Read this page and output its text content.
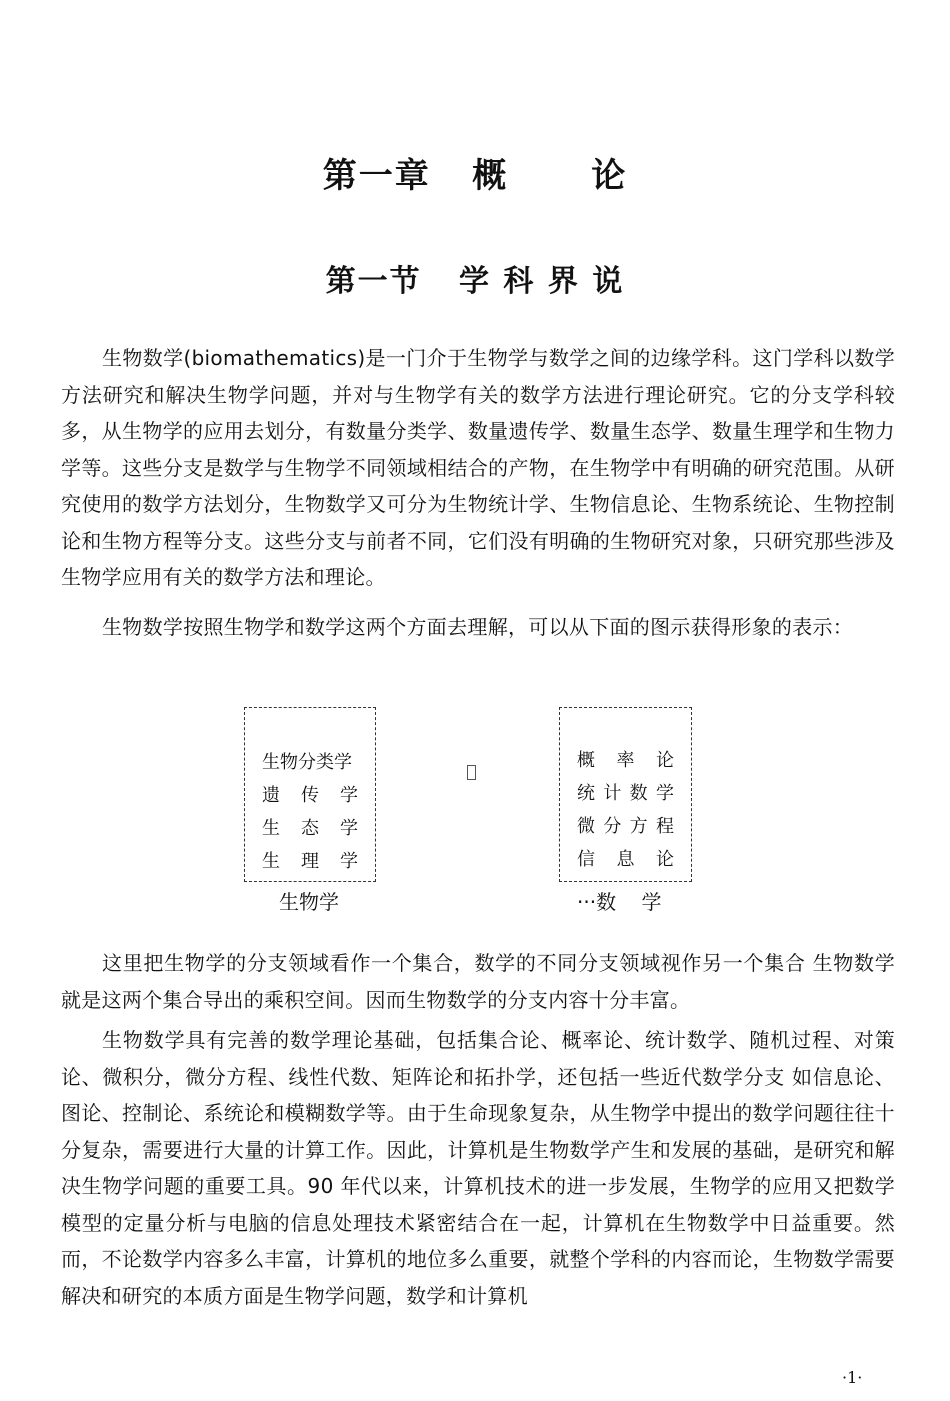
第一章   概      论
第一节   学 科 界 说

生物数学(biomathematics)是一门介于生物学与数学之间的边缘学科。这门学科以数学方法研究和解决生物学问题，并对与生物学有关的数学方法进行理论研究。它的分支学科较多，从生物学的应用去划分，有数量分类学、数量遗传学、数量生态学、数量生理学和生物力学等。这些分支是数学与生物学不同领域相结合的产物，在生物学中有明确的研究范围。从研究使用的数学方法划分，生物数学又可分为生物统计学、生物信息论、生物系统论、生物控制论和生物方程等分支。这些分支与前者不同，它们没有明确的生物研究对象，只研究那些涉及生物学应用有关的数学方法和理论。

生物数学按照生物学和数学这两个方面去理解，可以从下面的图示获得形象的表示：

生物分类学
遗 传 学
生 态 学
生 理 学
概 率 论
统 计 数 学
微 分 方 程
信 息 论
生物学	···数    学

这里把生物学的分支领域看作一个集合，数学的不同分支领域视作另一个集合 生物数学就是这两个集合导出的乘积空间。因而生物数学的分支内容十分丰富。

生物数学具有完善的数学理论基础，包括集合论、概率论、统计数学、随机过程、对策论、微积分，微分方程、线性代数、矩阵论和拓扑学，还包括一些近代数学分支 如信息论、图论、控制论、系统论和模糊数学等。由于生命现象复杂，从生物学中提出的数学问题往往十分复杂，需要进行大量的计算工作。因此，计算机是生物数学产生和发展的基础，是研究和解决生物学问题的重要工具。90 年代以来，计算机技术的进一步发展，生物学的应用又把数学模型的定量分析与电脑的信息处理技术紧密结合在一起，计算机在生物数学中日益重要。然而，不论数学内容多么丰富，计算机的地位多么重要，就整个学科的内容而论，生物数学需要解决和研究的本质方面是生物学问题，数学和计算机

·1·
